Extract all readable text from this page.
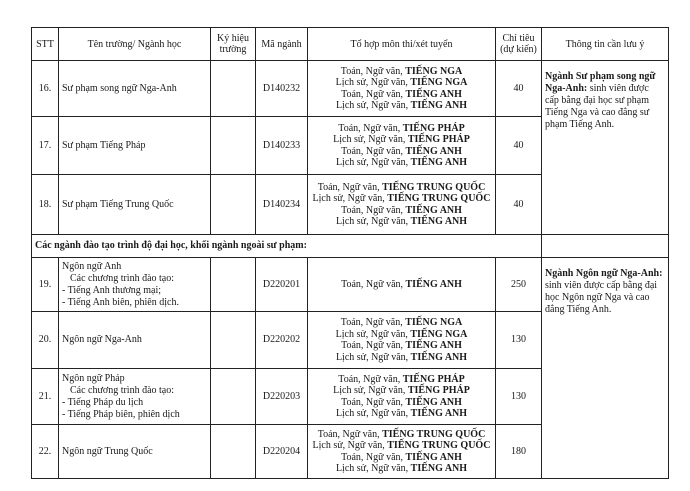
STT	Tên trường/ Ngành học	Ký hiệu trường	Mã ngành	Tổ hợp môn thi/xét tuyển	Chỉ tiêu (dự kiến)	Thông tin cần lưu ý
16.	Sư phạm song ngữ Nga-Anh		D140232	Toán, Ngữ văn, TIẾNG NGA
Lịch sử, Ngữ văn, TIẾNG NGA
Toán, Ngữ văn, TIẾNG ANH
Lịch sử, Ngữ văn, TIẾNG ANH	40	Ngành Sư phạm song ngữ Nga-Anh: sinh viên được cấp bằng đại học sư phạm Tiếng Nga và cao đẳng sư phạm Tiếng Anh.
17.	Sư phạm Tiếng Pháp		D140233	Toán, Ngữ văn, TIẾNG PHÁP
Lịch sử, Ngữ văn, TIẾNG PHÁP
Toán, Ngữ văn, TIẾNG ANH
Lịch sử, Ngữ văn, TIẾNG ANH	40	
18.	Sư phạm Tiếng Trung Quốc		D140234	Toán, Ngữ văn, TIẾNG TRUNG QUỐC
Lịch sử, Ngữ văn, TIẾNG TRUNG QUỐC
Toán, Ngữ văn, TIẾNG ANH
Lịch sử, Ngữ văn, TIẾNG ANH	40	
Các ngành đào tạo trình độ đại học, khối ngành ngoài sư phạm:						
19.	Ngôn ngữ Anh
Các chương trình đào tạo:
- Tiếng Anh thương mại;
- Tiếng Anh biên, phiên dịch.		D220201	Toán, Ngữ văn, TIẾNG ANH	250	Ngành Ngôn ngữ Nga-Anh: sinh viên được cấp bằng đại học Ngôn ngữ Nga và cao đẳng Tiếng Anh.
20.	Ngôn ngữ Nga-Anh		D220202	Toán, Ngữ văn, TIẾNG NGA
Lịch sử, Ngữ văn, TIẾNG NGA
Toán, Ngữ văn, TIẾNG ANH
Lịch sử, Ngữ văn, TIẾNG ANH	130	
21.	Ngôn ngữ Pháp
Các chương trình đào tạo:
- Tiếng Pháp du lịch
- Tiếng Pháp biên, phiên dịch		D220203	Toán, Ngữ văn, TIẾNG PHÁP
Lịch sử, Ngữ văn, TIẾNG PHÁP
Toán, Ngữ văn, TIẾNG ANH
Lịch sử, Ngữ văn, TIẾNG ANH	130	
22.	Ngôn ngữ Trung Quốc		D220204	Toán, Ngữ văn, TIẾNG TRUNG QUỐC
Lịch sử, Ngữ văn, TIẾNG TRUNG QUỐC
Toán, Ngữ văn, TIẾNG ANH
Lịch sử, Ngữ văn, TIẾNG ANH	180	
